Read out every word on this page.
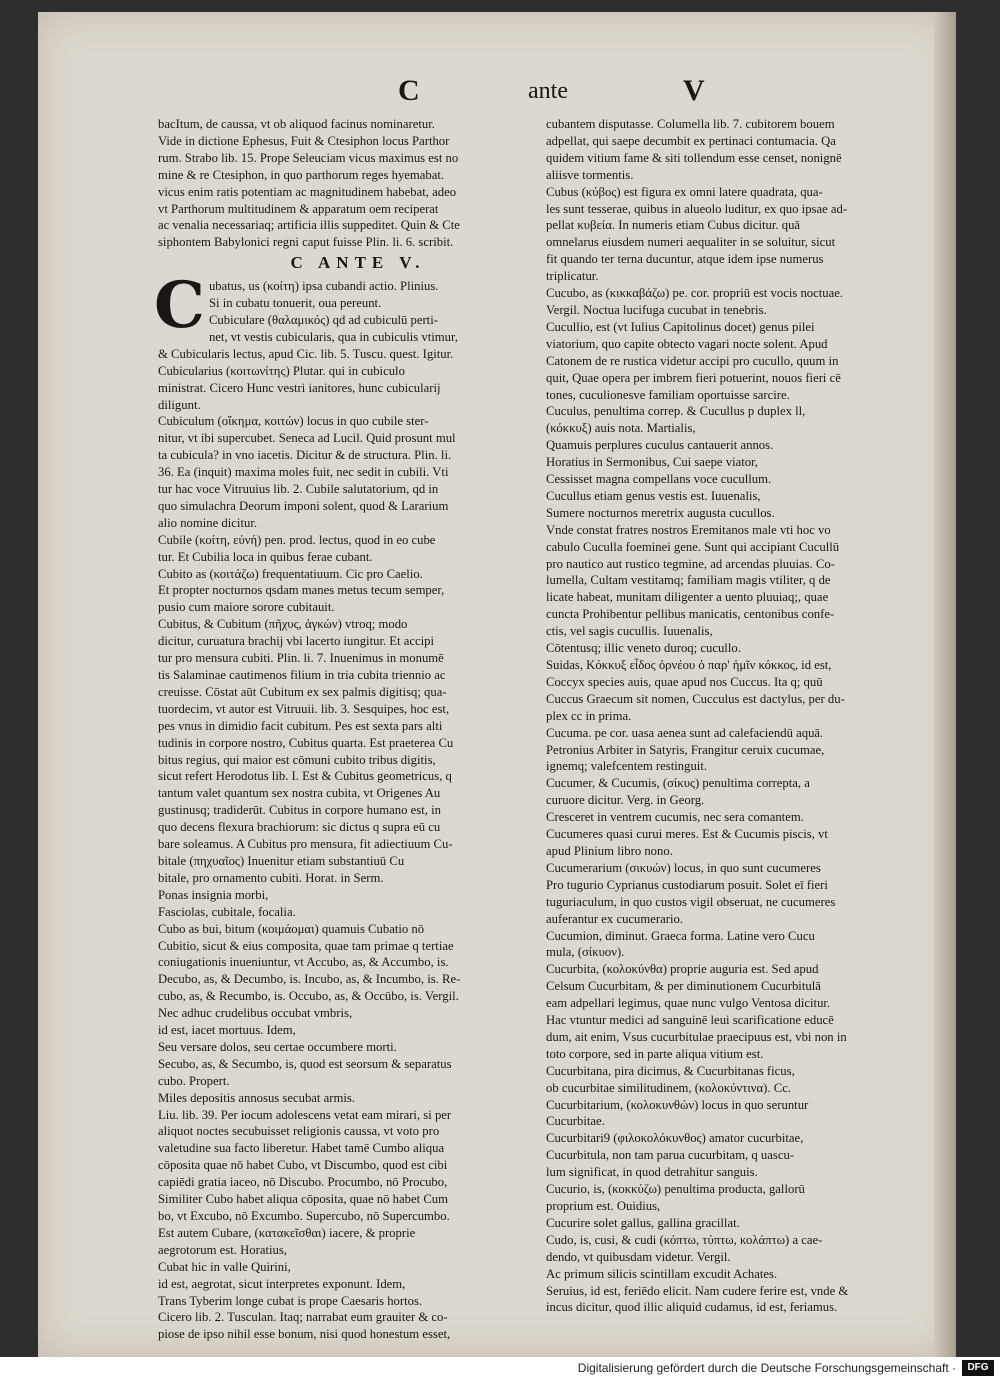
C	ante	V

bacItum, de caussa, vt ob aliquod facinus nominaretur.

Vide in dictione Ephesus, Fuit & Ctesiphon locus Parthor

rum. Strabo lib. 15. Prope Seleuciam vicus maximus est no

mine & re Ctesiphon, in quo parthorum reges hyemabat.

vicus enim ratis potentiam ac magnitudinem habebat, adeo

vt Parthorum multitudinem & apparatum oem reciperat

ac venalia necessariaq; artificia illis suppeditet. Quin & Cte

siphontem Babylonici regni caput fuisse Plin. li. 6. scribit.

C ANTE V.

C ubatus, us (κοίτη) ipsa cubandi actio. Plinius.

Si in cubatu tonuerit, oua pereunt.

Cubiculare (θαλαμικός) qd ad cubiculū perti-

net, vt vestis cubicularis, qua in cubiculis vtimur,

& Cubicularis lectus, apud Cic. lib. 5. Tuscu. quest. Igitur.

Cubicularius (κοιτωνίτης) Plutar. qui in cubiculo

ministrat. Cicero Hunc vestri ianitores, hunc cubicularij

diligunt.

Cubiculum (οἴκημα, κοιτών) locus in quo cubile ster-

nitur, vt ibi supercubet. Seneca ad Lucil. Quid prosunt mul

ta cubicula? in vno iacetis. Dicitur & de structura. Plin. li.

36. Ea (inquit) maxima moles fuit, nec sedit in cubili. Vti

tur hac voce Vitruuius lib. 2. Cubile salutatorium, qd in

quo simulachra Deorum imponi solent, quod & Lararium

alio nomine dicitur.

Cubile (κοίτη, εὐνή) pen. prod. lectus, quod in eo cube

tur. Et Cubilia loca in quibus ferae cubant.

Cubito as (κοιτάζω) frequentatiuum. Cic pro Caelio.

Et propter nocturnos qsdam manes metus tecum semper,

pusio cum maiore sorore cubitauit.

Cubitus, & Cubitum (πῆχυς, ἀγκών) vtroq; modo

dicitur, curuatura brachij vbi lacerto iungitur. Et accipi

tur pro mensura cubiti. Plin. li. 7. Inuenimus in monumē

tis Salaminae cautimenos filium in tria cubita triennio ac

creuisse. Cōstat aūt Cubitum ex sex palmis digitisq; qua-

tuordecim, vt autor est Vitruuii. lib. 3. Sesquipes, hoc est,

pes vnus in dimidio facit cubitum. Pes est sexta pars alti

tudinis in corpore nostro, Cubitus quarta. Est praeterea Cu

bitus regius, qui maior est cōmuni cubito tribus digitis,

sicut refert Herodotus lib. I. Est & Cubitus geometricus, q

tantum valet quantum sex nostra cubita, vt Origenes Au

gustinusq; tradiderūt. Cubitus in corpore humano est, in

quo decens flexura brachiorum: sic dictus q supra eū cu

bare soleamus. A Cubitus pro mensura, fit adiectiuum Cu-

bitale (πηχυαῖος) Inuenitur etiam substantiuū Cu

bitale, pro ornamento cubiti. Horat. in Serm.

Ponas insignia morbi,

Fasciolas, cubitale, focalia.

Cubo as bui, bitum (κοιμάομαι) quamuis Cubatio nō

Cubitio, sicut & eius composita, quae tam primae q tertiae

coniugationis inueniuntur, vt Accubo, as, & Accumbo, is.

Decubo, as, & Decumbo, is. Incubo, as, & Incumbo, is. Re-

cubo, as, & Recumbo, is. Occubo, as, & Occūbo, is. Vergil.

Nec adhuc crudelibus occubat vmbris,

id est, iacet mortuus. Idem,

Seu versare dolos, seu certae occumbere morti.

Secubo, as, & Secumbo, is, quod est seorsum & separatus

cubo. Propert.

Miles depositis annosus secubat armis.

Liu. lib. 39. Per iocum adolescens vetat eam mirari, si per

aliquot noctes secubuisset religionis caussa, vt voto pro

valetudine sua facto liberetur. Habet tamē Cumbo aliqua

cōposita quae nō habet Cubo, vt Discumbo, quod est cibi

capiēdi gratia iaceo, nō Discubo. Procumbo, nō Procubo,

Similiter Cubo habet aliqua cōposita, quae nō habet Cum

bo, vt Excubo, nō Excumbo. Supercubo, nō Supercumbo.

Est autem Cubare, (κατακεῖσθαι) iacere, & proprie

aegrotorum est. Horatius,

Cubat hic in valle Quirini,

id est, aegrotat, sicut interpretes exponunt. Idem,

Trans Tyberim longe cubat is prope Caesaris hortos.

Cicero lib. 2. Tusculan. Itaq; narrabat eum grauiter & co-

piose de ipso nihil esse bonum, nisi quod honestum esset,

cubantem disputasse. Columella lib. 7. cubitorem bouem

adpellat, qui saepe decumbit ex pertinaci contumacia. Qa

quidem vitium fame & siti tollendum esse censet, nonignē

aliisve tormentis.

Cubus (κύβος) est figura ex omni latere quadrata, qua-

les sunt tesserae, quibus in alueolo luditur, ex quo ipsae ad-

pellat κυβεία. In numeris etiam Cubus dicitur. quā

omnelarus eiusdem numeri aequaliter in se soluitur, sicut

fit quando ter terna ducuntur, atque idem ipse numerus

triplicatur.

Cucubo, as (κικκαβάζω) pe. cor. propriū est vocis noctuae.

Vergil. Noctua lucifuga cucubat in tenebris.

Cucullio, est (vt Iulius Capitolinus docet) genus pilei

viatorium, quo capite obtecto vagari nocte solent. Apud

Catonem de re rustica videtur accipi pro cucullo, quum in

quit, Quae opera per imbrem fieri potuerint, nouos fieri cē

tones, cuculionesve familiam oportuisse sarcire.

Cuculus, penultima correp. & Cucullus p duplex ll,

(κόκκυξ) auis nota. Martialis,

Quamuis perplures cuculus cantauerit annos.

Horatius in Sermonibus, Cui saepe viator,

Cessisset magna compellans voce cucullum.

Cucullus etiam genus vestis est. Iuuenalis,

Sumere nocturnos meretrix augusta cucullos.

Vnde constat fratres nostros Eremitanos male vti hoc vo

cabulo Cuculla foeminei gene. Sunt qui accipiant Cucullū

pro nautico aut rustico tegmine, ad arcendas pluuias. Co-

lumella, Cultam vestitamq; familiam magis vtiliter, q de

licate habeat, munitam diligenter a uento pluuiaq;, quae

cuncta Prohibentur pellibus manicatis, centonibus confe-

ctis, vel sagis cucullis. Iuuenalis,

Cōtentusq; illic veneto duroq; cucullo.

Suidas, Κόκκυξ εἶδος ὀρνέου ὁ παρ' ἡμῖν κόκκος, id est,

Coccyx species auis, quae apud nos Cuccus. Ita q; quū

Cuccus Graecum sit nomen, Cucculus est dactylus, per du-

plex cc in prima.

Cucuma. pe cor. uasa aenea sunt ad calefaciendū aquā.

Petronius Arbiter in Satyris, Frangitur ceruix cucumae,

ignemq; valefcentem restinguit.

Cucumer, & Cucumis, (σίκυς) penultima correpta, a

curuore dicitur. Verg. in Georg.

Cresceret in ventrem cucumis, nec sera comantem.

Cucumeres quasi curui meres. Est & Cucumis piscis, vt

apud Plinium libro nono.

Cucumerarium (σικυών) locus, in quo sunt cucumeres

Pro tugurio Cyprianus custodiarum posuit. Solet eī fieri

tuguriaculum, in quo custos vigil obseruat, ne cucumeres

auferantur ex cucumerario.

Cucumion, diminut. Graeca forma. Latine vero Cucu

mula, (σίκυον).

Cucurbita, (κολοκύνθα) proprie auguria est. Sed apud

Celsum Cucurbitam, & per diminutionem Cucurbitulā

eam adpellari legimus, quae nunc vulgo Ventosa dicitur.

Hac vtuntur medici ad sanguinē leui scarificatione educē

dum, ait enim, Vsus cucurbitulae praecipuus est, vbi non in

toto corpore, sed in parte aliqua vitium est.

Cucurbitana, pira dicimus, & Cucurbitanas ficus,

ob cucurbitae similitudinem, (κολοκύντινα). Cc.

Cucurbitarium, (κολοκυνθών) locus in quo seruntur

Cucurbitae.

Cucurbitari9 (φιλοκολόκυνθος) amator cucurbitae,

Cucurbitula, non tam parua cucurbitam, q uascu-

lum significat, in quod detrahitur sanguis.

Cucurio, is, (κοκκύζω) penultima producta, gallorū

proprium est. Ouidius,

Cucurire solet gallus, gallina gracillat.

Cudo, is, cusi, & cudi (κόπτω, τύπτω, κολάπτω) a cae-

dendo, vt quibusdam videtur. Vergil.

Ac primum silicis scintillam excudit Achates.

Seruius, id est, feriēdo elicit. Nam cudere ferire est, vnde &

incus dicitur, quod illic aliquid cudamus, id est, feriamus.

Digitalisierung gefördert durch die Deutsche Forschungsgemeinschaft ·	DFG
